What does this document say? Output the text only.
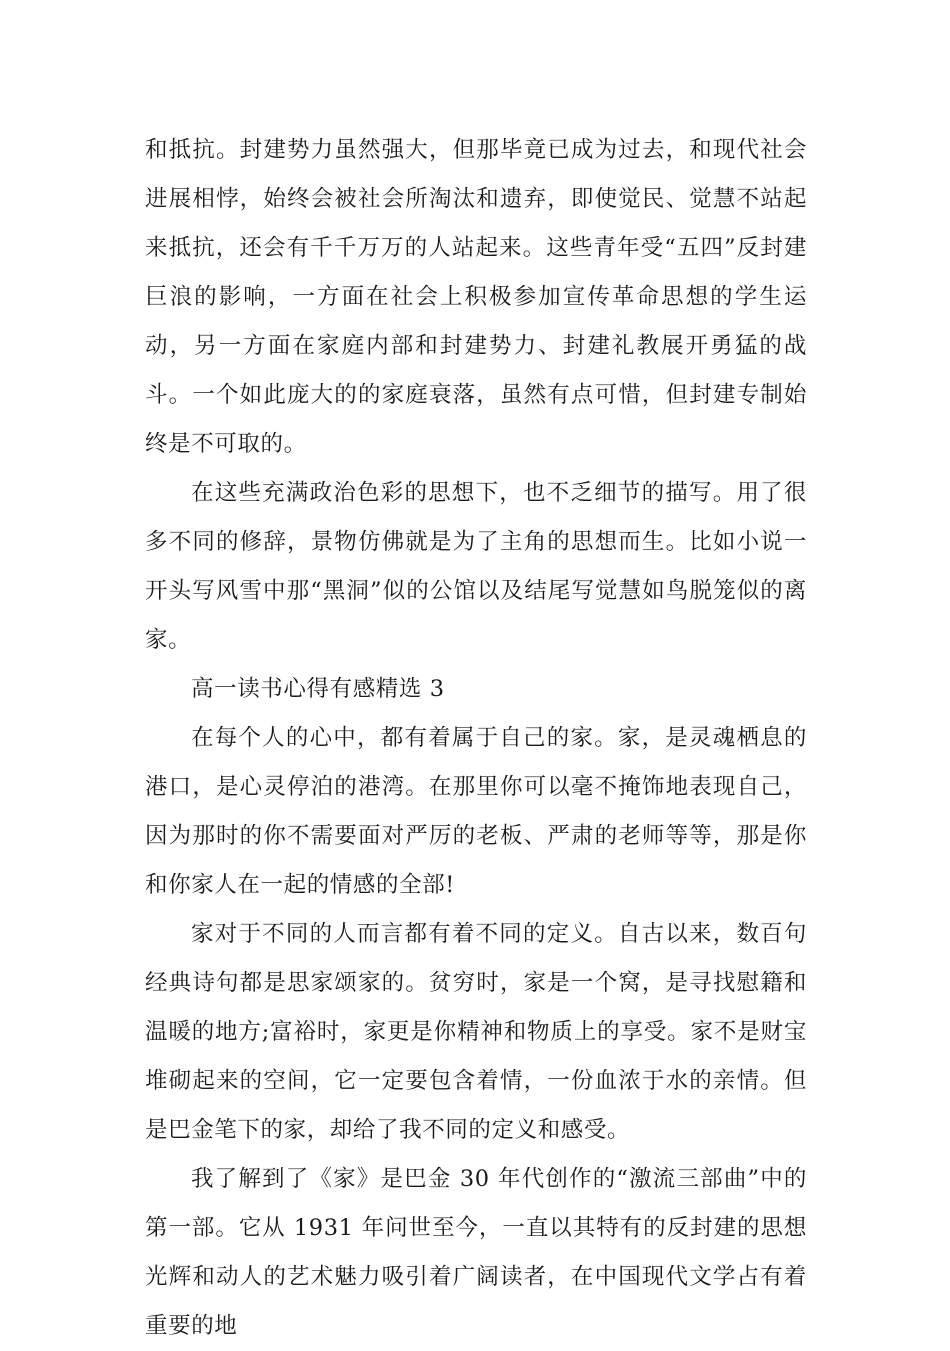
和抵抗。封建势力虽然强大，但那毕竟已成为过去，和现代社会进展相悖，始终会被社会所淘汰和遗弃，即使觉民、觉慧不站起来抵抗，还会有千千万万的人站起来。这些青年受“五四”反封建巨浪的影响，一方面在社会上积极参加宣传革命思想的学生运动，另一方面在家庭内部和封建势力、封建礼教展开勇猛的战斗。一个如此庞大的的家庭衰落，虽然有点可惜，但封建专制始终是不可取的。

在这些充满政治色彩的思想下，也不乏细节的描写。用了很多不同的修辞，景物仿佛就是为了主角的思想而生。比如小说一开头写风雪中那“黑洞”似的公馆以及结尾写觉慧如鸟脱笼似的离家。

高一读书心得有感精选 3

在每个人的心中，都有着属于自己的家。家，是灵魂栖息的港口，是心灵停泊的港湾。在那里你可以毫不掩饰地表现自己，因为那时的你不需要面对严厉的老板、严肃的老师等等，那是你和你家人在一起的情感的全部!

家对于不同的人而言都有着不同的定义。自古以来，数百句经典诗句都是思家颂家的。贫穷时，家是一个窝，是寻找慰籍和温暖的地方;富裕时，家更是你精神和物质上的享受。家不是财宝堆砌起来的空间，它一定要包含着情，一份血浓于水的亲情。但是巴金笔下的家，却给了我不同的定义和感受。

我了解到了《家》是巴金 30 年代创作的“激流三部曲”中的第一部。它从 1931 年问世至今，一直以其特有的反封建的思想光辉和动人的艺术魅力吸引着广阔读者，在中国现代文学占有着重要的地
